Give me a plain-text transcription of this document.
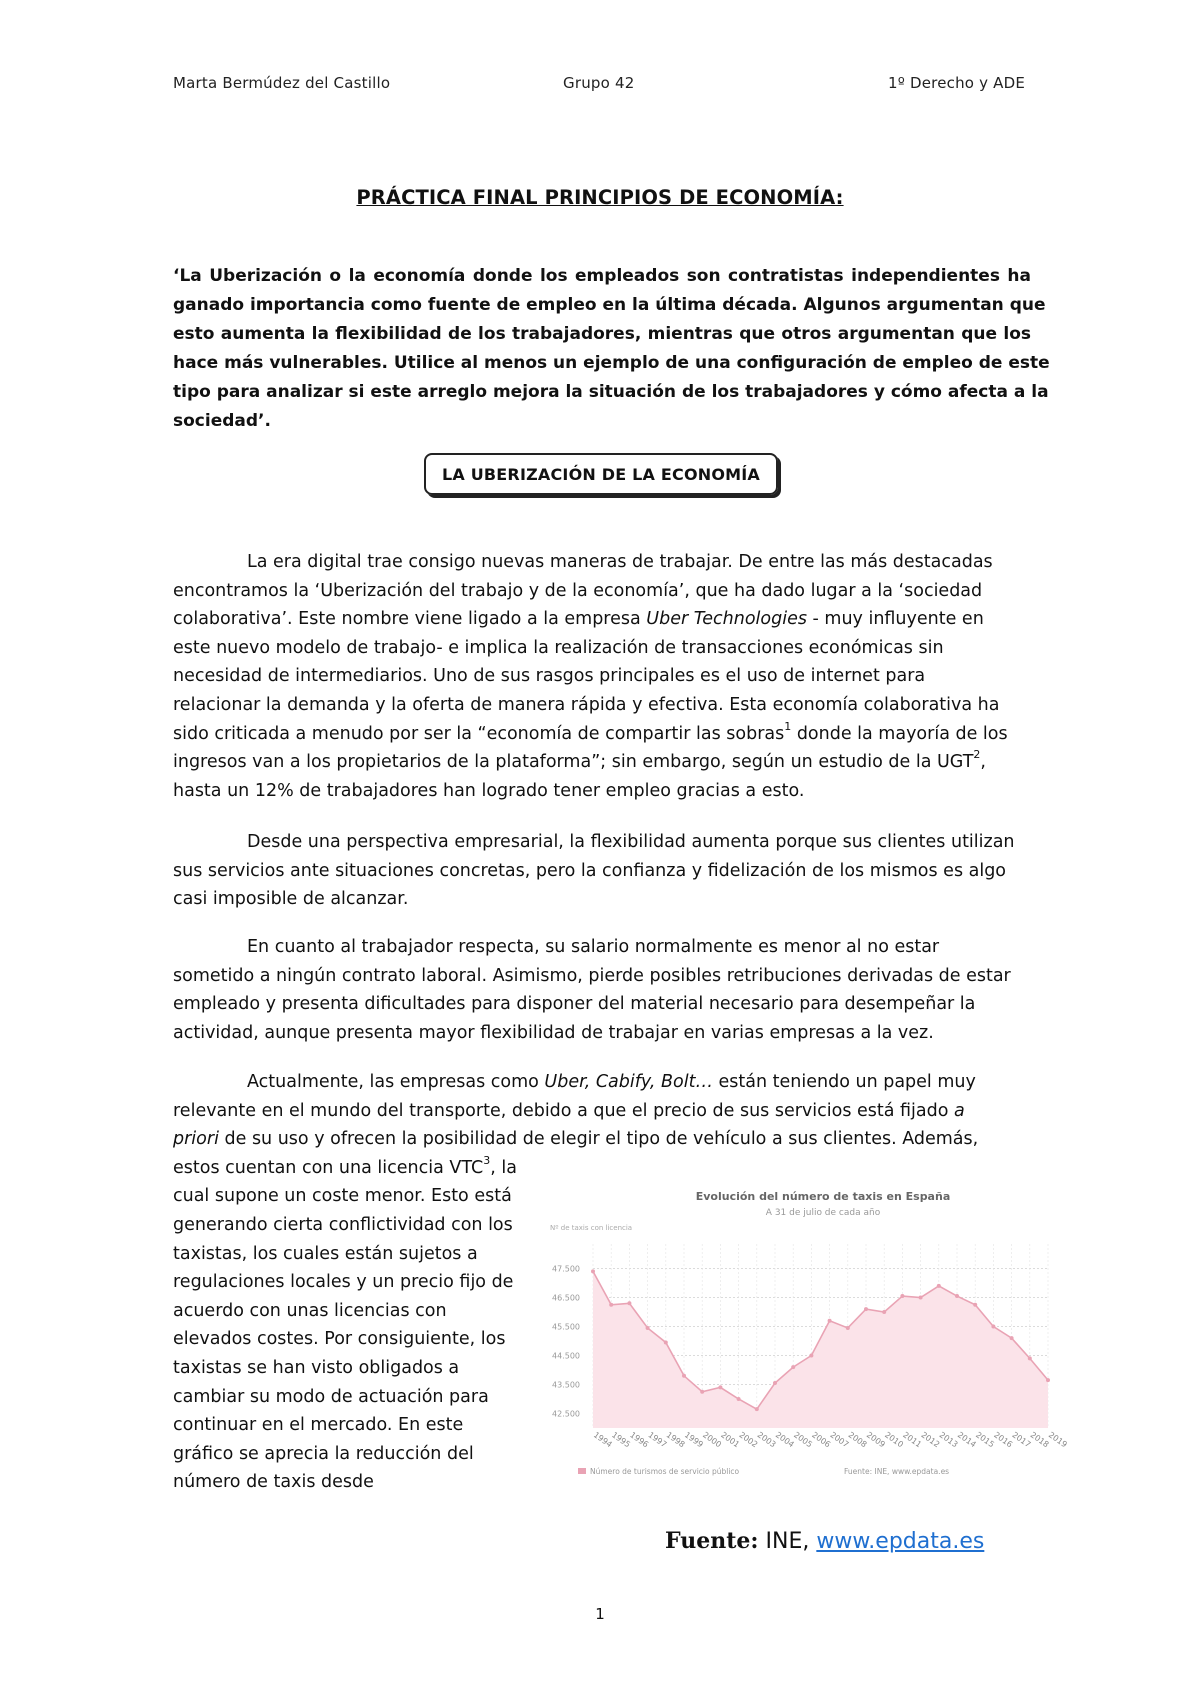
Marta Bermúdez del Castillo	Grupo 42	1º Derecho y ADE
PRÁCTICA FINAL PRINCIPIOS DE ECONOMÍA:
‘La Uberización o la economía donde los empleados son contratistas independientes ha
ganado importancia como fuente de empleo en la última década. Algunos argumentan que
esto aumenta la flexibilidad de los trabajadores, mientras que otros argumentan que los
hace más vulnerables. Utilice al menos un ejemplo de una configuración de empleo de este
tipo para analizar si este arreglo mejora la situación de los trabajadores y cómo afecta a la
sociedad’.
LA UBERIZACIÓN DE LA ECONOMÍA
La era digital trae consigo nuevas maneras de trabajar. De entre las más destacadas
encontramos la ‘Uberización del trabajo y de la economía’, que ha dado lugar a la ‘sociedad
colaborativa’. Este nombre viene ligado a la empresa Uber Technologies - muy influyente en
este nuevo modelo de trabajo- e implica la realización de transacciones económicas sin
necesidad de intermediarios. Uno de sus rasgos principales es el uso de internet para
relacionar la demanda y la oferta de manera rápida y efectiva. Esta economía colaborativa ha
sido criticada a menudo por ser la “economía de compartir las sobras$^1$ donde la mayoría de los
ingresos van a los propietarios de la plataforma”; sin embargo, según un estudio de la UGT$^2$,
hasta un 12% de trabajadores han logrado tener empleo gracias a esto.
Desde una perspectiva empresarial, la flexibilidad aumenta porque sus clientes utilizan
sus servicios ante situaciones concretas, pero la confianza y fidelización de los mismos es algo
casi imposible de alcanzar.
En cuanto al trabajador respecta, su salario normalmente es menor al no estar
sometido a ningún contrato laboral. Asimismo, pierde posibles retribuciones derivadas de estar
empleado y presenta dificultades para disponer del material necesario para desempeñar la
actividad, aunque presenta mayor flexibilidad de trabajar en varias empresas a la vez.
Actualmente, las empresas como Uber, Cabify, Bolt… están teniendo un papel muy
relevante en el mundo del transporte, debido a que el precio de sus servicios está fijado a
priori de su uso y ofrecen la posibilidad de elegir el tipo de vehículo a sus clientes. Además,
estos cuentan con una licencia VTC$^3$, la
cual supone un coste menor. Esto está
generando cierta conflictividad con los
taxistas, los cuales están sujetos a
regulaciones locales y un precio fijo de
acuerdo con unas licencias con
elevados costes. Por consiguiente, los
taxistas se han visto obligados a
cambiar su modo de actuación para
continuar en el mercado. En este
gráfico se aprecia la reducción del
número de taxis desde
Evolución del número de taxis en España
A 31 de julio de cada año
Nº de taxis con licencia
47.500
46.500
45.500
44.500
43.500
42.500
1994
1995
1996
1997
1998
1999
2000
2001
2002
2003
2004
2005
2006
2007
2008
2009
2010
2011
2012
2013
2014
2015
2016
2017
2018
2019
Número de turismos de servicio público	Fuente: INE, www.epdata.es
Fuente: INE, www.epdata.es
1
